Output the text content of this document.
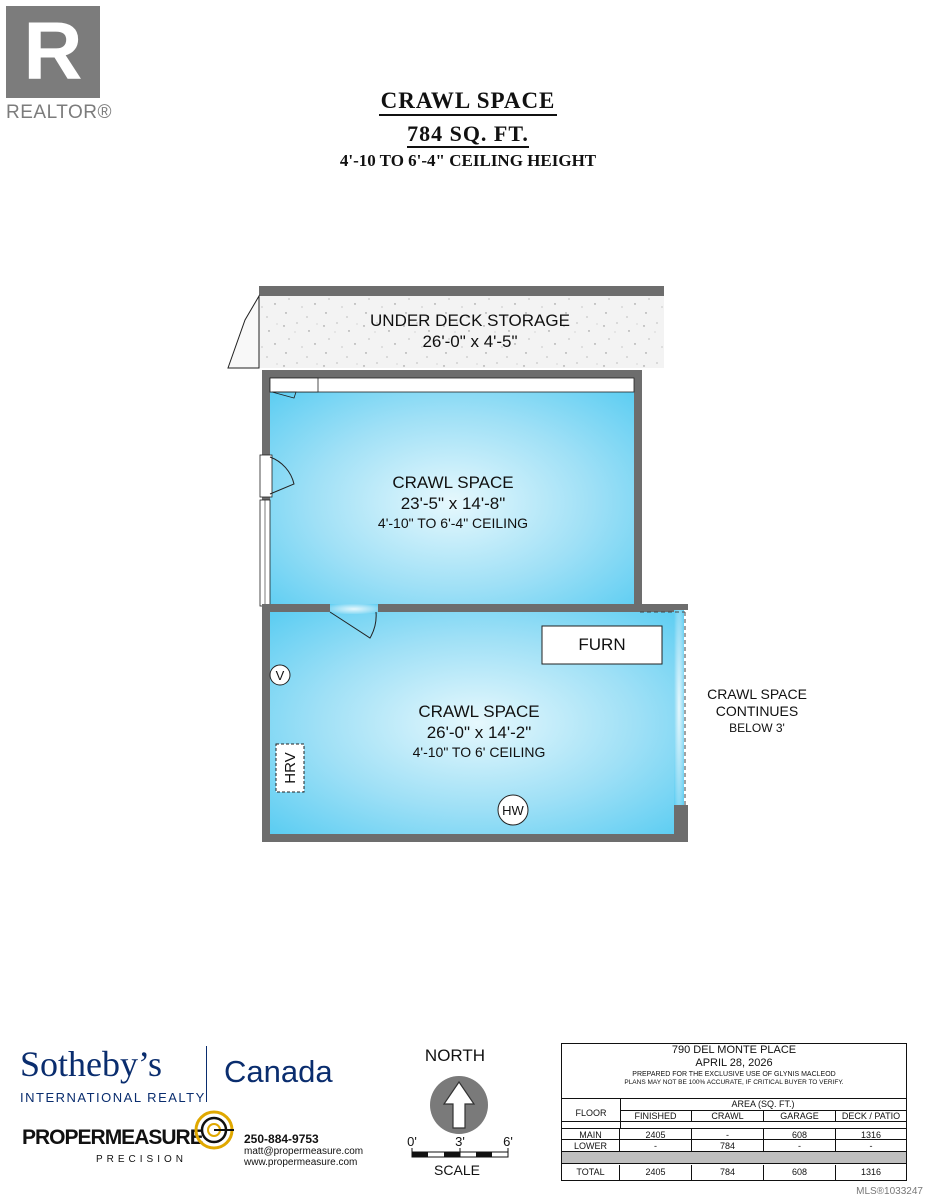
R
REALTOR®	CRAWL SPACE
784 SQ. FT.
4'-10 TO 6'-4" CEILING HEIGHT
V
HRV
HW
UNDER DECK STORAGE
26'-0" x 4'-5"
CRAWL SPACE
23'-5" x 14'-8"
4'-10" TO 6'-4" CEILING
CRAWL SPACE
26'-0" x 14'-2"
4'-10" TO 6' CEILING
FURN
CRAWL SPACE
CONTINUES
BELOW 3'
Sotheby’s
INTERNATIONAL REALTY
Canada
PROPERMEASURE
PRECISION
250-884-9753
matt@propermeasure.com
www.propermeasure.com
NORTH
0'	3'	6'
SCALE
790 DEL MONTE PLACE
APRIL 28, 2026
PREPARED FOR THE EXCLUSIVE USE OF GLYNIS MACLEOD
PLANS MAY NOT BE 100% ACCURATE, IF CRITICAL BUYER TO VERIFY.
FLOOR
AREA (SQ. FT.)
FINISHED	CRAWL	GARAGE	DECK / PATIO
MAIN	2405	-	608	1316
LOWER	-	784	-	-
TOTAL	2405	784	608	1316
MLS®1033247
